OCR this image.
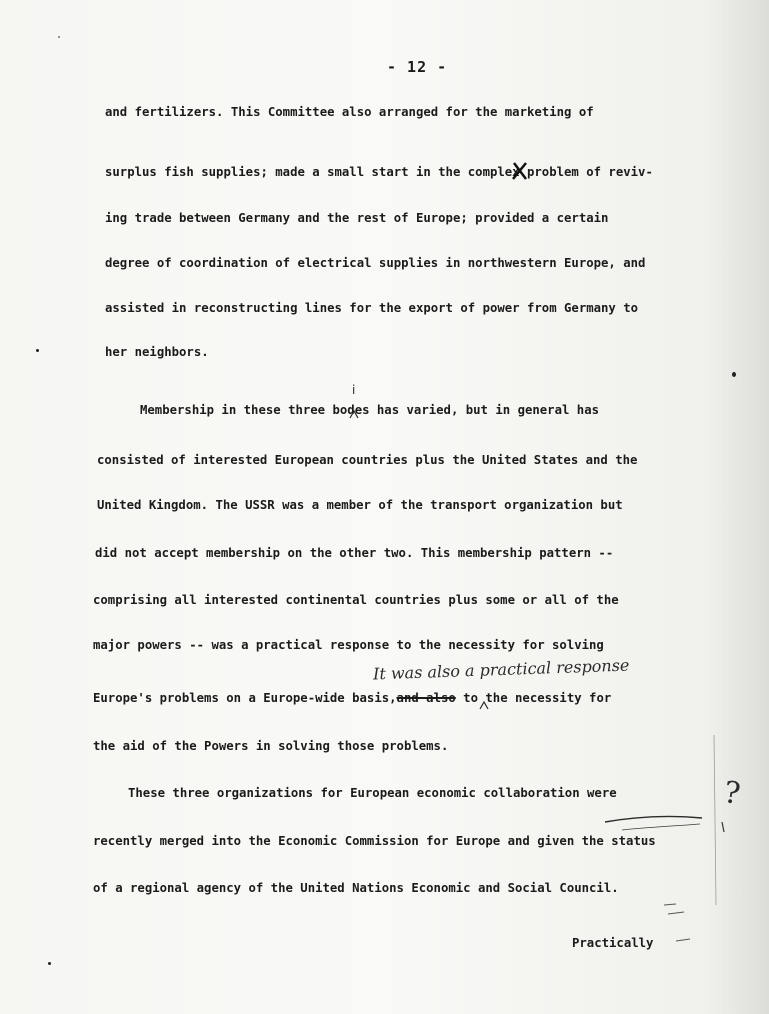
- 12 -
and fertilizers. This Committee also arranged for the marketing of
surplus fish supplies; made a small start in the complex problem of reviv-
ing trade between Germany and the rest of Europe; provided a certain
degree of coordination of electrical supplies in northwestern Europe, and
assisted in reconstructing lines for the export of power from Germany to
her neighbors.
i
Membership in these three bodes has varied, but in general has
consisted of interested European countries plus the United States and the
United Kingdom. The USSR was a member of the transport organization but
did not accept membership on the other two. This membership pattern --
comprising all interested continental countries plus some or all of the
major powers -- was a practical response to the necessity for solving
It was also a practical response
Europe's problems on a Europe-wide basis,and also to the necessity for
the aid of the Powers in solving those problems.
These three organizations for European economic collaboration were
recently merged into the Economic Commission for Europe and given the status
of a regional agency of the United Nations Economic and Social Council.
Practically
?
